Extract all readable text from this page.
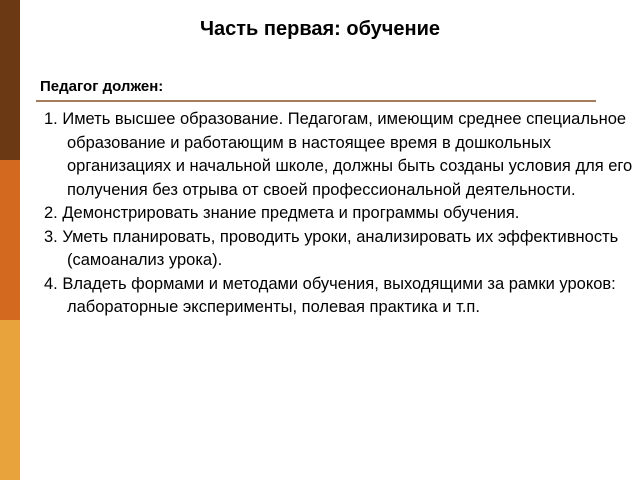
Часть первая: обучение
Педагог должен:
1. Иметь высшее образование. Педагогам, имеющим среднее специальное образование и работающим в настоящее время в дошкольных организациях и начальной школе, должны быть созданы условия для его получения без отрыва от своей профессиональной деятельности.
2. Демонстрировать знание предмета и программы обучения.
3. Уметь планировать, проводить уроки, анализировать их эффективность (самоанализ урока).
4. Владеть формами и методами обучения, выходящими за рамки уроков: лабораторные эксперименты, полевая практика и т.п.
